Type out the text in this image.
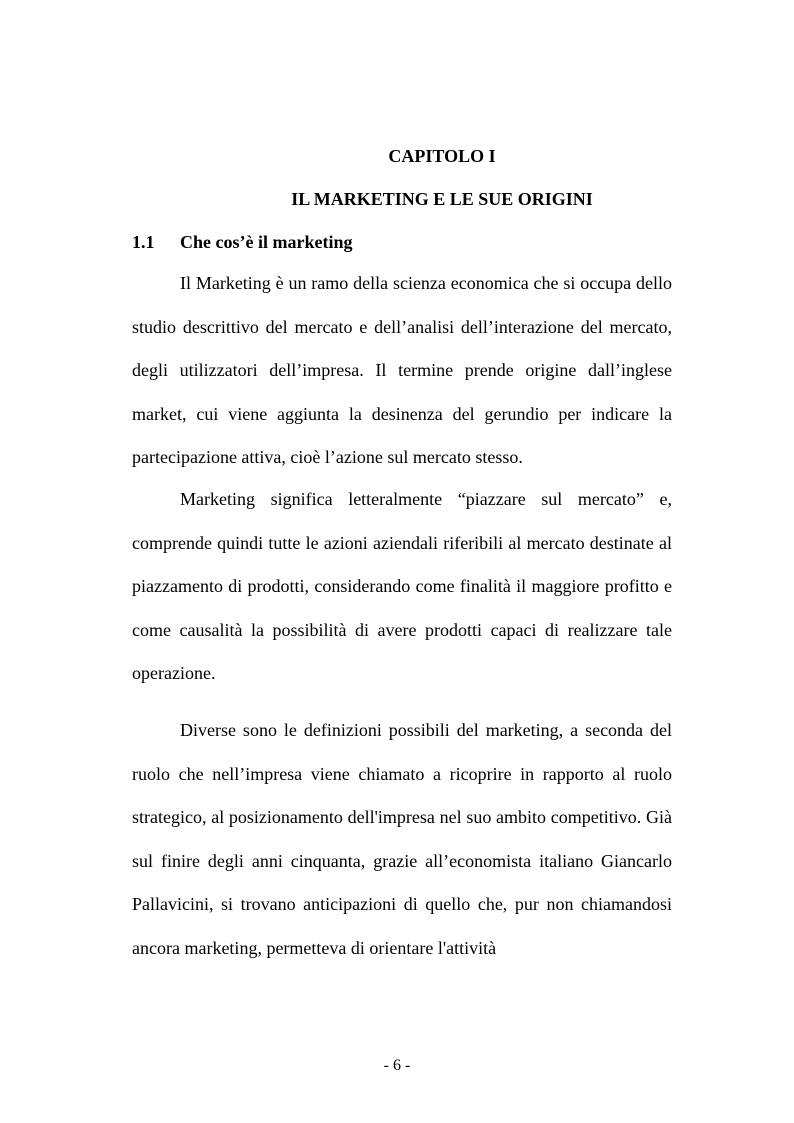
CAPITOLO I
IL MARKETING E LE SUE ORIGINI
1.1 Che cos’è il marketing

Il Marketing è un ramo della scienza economica che si occupa dello studio descrittivo del mercato e dell’analisi dell’interazione del mercato, degli utilizzatori dell’impresa. Il termine prende origine dall’inglese market, cui viene aggiunta la desinenza del gerundio per indicare la partecipazione attiva, cioè l’azione sul mercato stesso.

Marketing significa letteralmente “piazzare sul mercato” e, comprende quindi tutte le azioni aziendali riferibili al mercato destinate al piazzamento di prodotti, considerando come finalità il maggiore profitto e come causalità la possibilità di avere prodotti capaci di realizzare tale operazione.

Diverse sono le definizioni possibili del marketing, a seconda del ruolo che nell’impresa viene chiamato a ricoprire in rapporto al ruolo strategico, al posizionamento dell'impresa nel suo ambito competitivo. Già sul finire degli anni cinquanta, grazie all’economista italiano Giancarlo Pallavicini, si trovano anticipazioni di quello che, pur non chiamandosi ancora marketing, permetteva di orientare l'attività

- 6 -
